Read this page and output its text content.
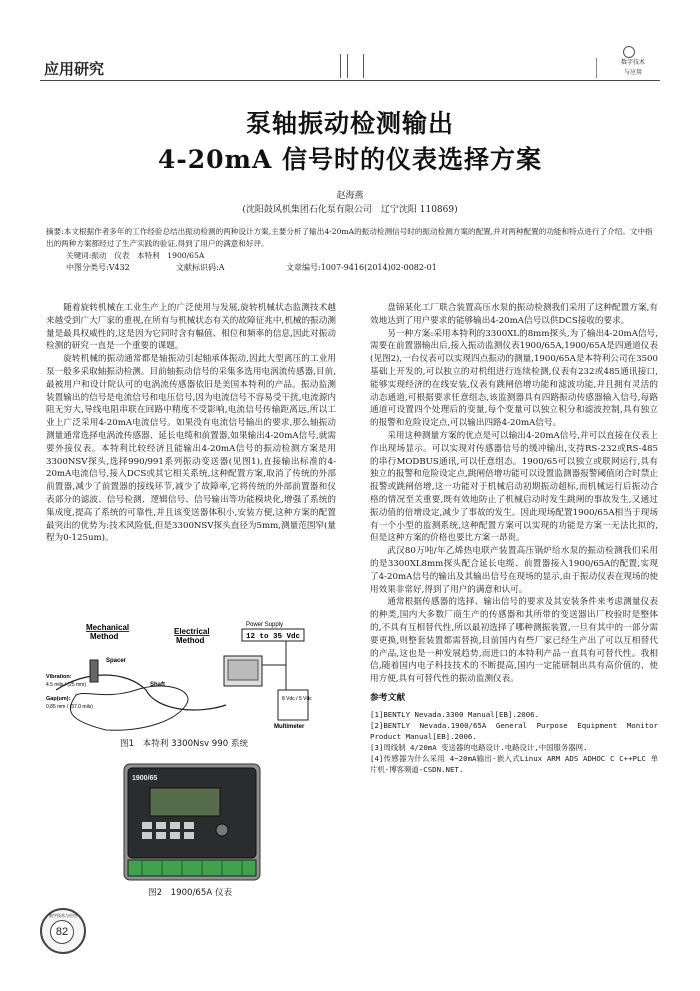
应用研究	数字技术
与应用
泵轴振动检测输出
4-20mA 信号时的仪表选择方案
赵海燕
(沈阳鼓风机集团石化泵有限公司　辽宁沈阳 110869)
摘要:本文根据作者多年的工作经验总结出振动检测的两种设计方案,主要分析了输出4-20mA的振动检测信号时的振动检测方案的配置,并对两种配置的功能和特点进行了介绍。文中指出的两种方案都经过了生产实践的验证,得到了用户的满意和好评。
关键词:振动　仪表　本特利　1900/65A
中图分类号:V432	文献标识码:A	文章编号:1007-9416(2014)02-0082-01

随着旋转机械在工业生产上的广泛使用与发展,旋转机械状态监测技术越来越受到广大厂家的重视,在所有与机械状态有关的故障征兆中,机械的振动测量是最具权威性的,这是因为它同时含有幅值、相位和频率的信息,因此对振动检测的研究一直是一个重要的课题。

旋转机械的振动通常都是轴振动引起轴承体振动,因此大型离压的工业用泵一般多采取轴振动检测。目前轴振动信号的采集多选用电涡流传感器,目前,最被用户和设计院认可的电涡流传感器依旧是美国本特利的产品。振动监测装置输出的信号是电流信号和电压信号,因为电流信号不容易受干扰,电流源内阻无穷大,导线电阻串联在回路中精度不受影响,电流信号传输距离远,所以工业上广泛采用4-20mA电流信号。如果没有电流信号输出的要求,那么轴振动测量通常选择电涡流传感器、延长电缆和前置器,如果输出4-20mA信号,就需要外接仪表。本特利比较经济且能输出4-20mA信号的振动检测方案是用3300NSV探头,选择990/991系列振动变送器(见图1),直接输出标准的4-20mA电流信号,接入DCS或其它相关系统,这种配置方案,取消了传统的外部前置器,减少了前置器的接线环节,减少了故障率,它将传统的外部前置器和仪表部分的滤波、信号检测、逻辑信号、信号输出等功能模块化,增强了系统的集成度,提高了系统的可靠性,并且该变送器体积小,安装方便,这种方案的配置最突出的优势为:技术风险低,但是3300NSV探头直径为5mm,测量范围窄(量程为0-125um)。

Mechanical
Method
Electrical
Method
Power Supply
12 to 35 Vdc
8 Vdc / 5 Vdc
Multimeter
Spacer
Shaft
Vibration:
4.5 mils / (25 mm)
Gap(um):
0.85 mm / (37.0 mils)
图1　本特利 3300Nsv 990 系统
1900/65
图2　1900/65A 仪表

盘锦某化工厂联合装置高压水泵的振动检测我们采用了这种配置方案,有效地达到了用户要求的能够输出4-20mA信号以供DCS接收的要求。

另一种方案:采用本特利的3300XL的8mm探头,为了输出4-20mA信号,需要在前置器输出后,接入振动监测仪表1900/65A,1900/65A是四通道仪表(见图2),一台仪表可以实现四点振动的测量,1900/65A是本特利公司在3500基础上开发的,可以独立的对机组进行连续检测,仪表有232或485通讯接口,能够实现经济的在线安装,仪表有跳闸倍增功能和滤波功能,并且拥有灵活的动态通道,可根据要求任意组态,该监测器具有四路振动传感器输入信号,每路通道可设置四个处理后的变量,每个变量可以独立积分和滤波控制,具有独立的报警和危险设定点,可以输出四路4-20mA信号。

采用这种测量方案的优点是可以输出4-20mA信号,并可以直接在仪表上作出现场显示。可以实现对传感器信号的缓冲输出,支持RS-232或RS-485的串行MODBUS通讯,可以任意组态。1900/65可以独立或联网运行,具有独立的报警和危险设定点,跳闸倍增功能可以设置监测器报警阈值闭合时禁止报警或跳闸倍增,这一功能对于机械启动初期振动超标,而机械运行后振动合格的情况至关重要,既有效地防止了机械启动时发生跳闸的事故发生,又通过振动值的倍增设定,减少了事故的发生。因此现场配置1900/65A相当于现场有一个小型的监测系统,这种配置方案可以实现的功能是方案一无法比拟的,但是这种方案的价格也要比方案一昂贵。

武汉80万吨/年乙烯热电联产装置高压锅炉给水泵的振动检测我们采用的是3300XL8mm探头配合延长电缆、前置器接入1900/65A的配置,实现了4-20mA信号的输出及其输出信号在现场的显示,由于振动仪表在现场的使用效果非常好,得到了用户的满意和认可。

通常根据传感器的选择、输出信号的要求及其安装条件来考虑测量仪表的种类,国内大多数厂商生产的传感器和其所带的变送器出厂校验时是整体的,不具有互相替代性,所以最初选择了哪种测振装置,一旦有其中的一部分需要更换,则整套装置都需替换,目前国内有些厂家已经生产出了可以互相替代的产品,这也是一种发展趋势,而进口的本特利产品一直具有可替代性。我相信,随着国内电子科技技术的不断提高,国内一定能研制出具有高价值的、使用方便,具有可替代性的振动监测仪表。

参考文献
[1]BENTLY Nevada.3300 Manual[EB].2006.
[2]BENTLY Nevada.1900/65A General Purpose Equipment Monitor Product Manual[EB].2006.
[3]周线制 4/20mA 变送器的电路设计.电路设计,中国服务器网.
[4]传感器为什么采用 4~20mA输出-嵌入式Linux ARM ADS ADHOC C C++PLC 单片机-博客频道-CSDN.NET.
数字技术与应用
82
